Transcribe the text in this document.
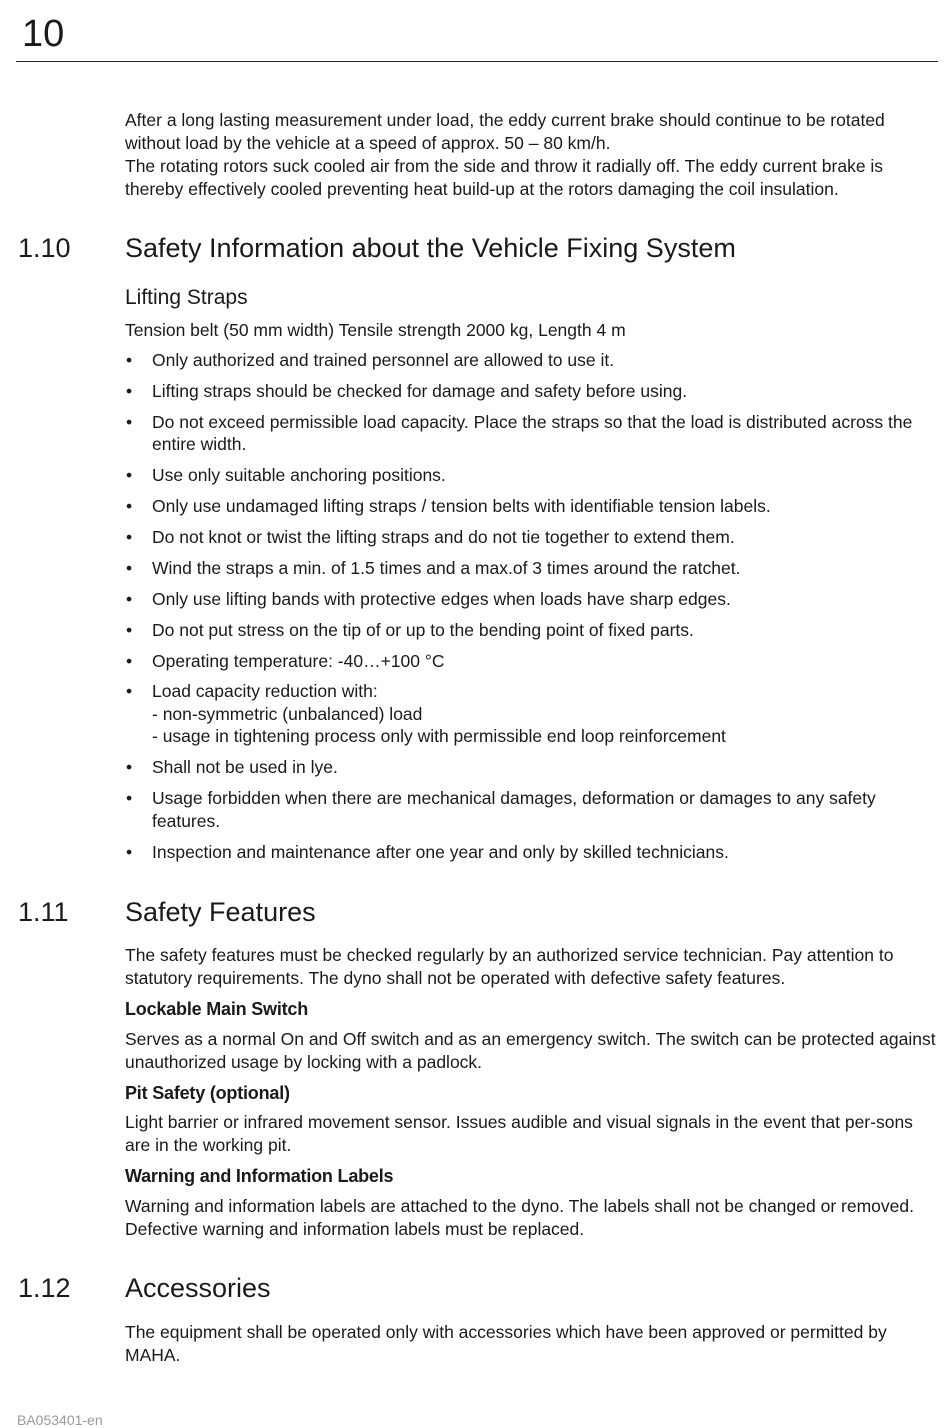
10

After a long lasting measurement under load, the eddy current brake should continue to be rotated without load by the vehicle at a speed of approx. 50 – 80 km/h.

The rotating rotors suck cooled air from the side and throw it radially off. The eddy current brake is thereby effectively cooled preventing heat build-up at the rotors damaging the coil insulation.

1.10 Safety Information about the Vehicle Fixing System
Lifting Straps

Tension belt (50 mm width) Tensile strength 2000 kg, Length 4 m

• Only authorized and trained personnel are allowed to use it.
• Lifting straps should be checked for damage and safety before using.
• Do not exceed permissible load capacity. Place the straps so that the load is distributed across the entire width.
• Use only suitable anchoring positions.
• Only use undamaged lifting straps / tension belts with identifiable tension labels.
• Do not knot or twist the lifting straps and do not tie together to extend them.
• Wind the straps a min. of 1.5 times and a max.of 3 times around the ratchet.
• Only use lifting bands with protective edges when loads have sharp edges.
• Do not put stress on the tip of or up to the bending point of fixed parts.
• Operating temperature: -40…+100 °C
• Load capacity reduction with:
- non-symmetric (unbalanced) load
- usage in tightening process only with permissible end loop reinforcement
• Shall not be used in lye.
• Usage forbidden when there are mechanical damages, deformation or damages to any safety features.
• Inspection and maintenance after one year and only by skilled technicians.
1.11 Safety Features

The safety features must be checked regularly by an authorized service technician. Pay attention to statutory requirements. The dyno shall not be operated with defective safety features.

Lockable Main Switch

Serves as a normal On and Off switch and as an emergency switch. The switch can be protected against unauthorized usage by locking with a padlock.

Pit Safety (optional)

Light barrier or infrared movement sensor. Issues audible and visual signals in the event that per-sons are in the working pit.

Warning and Information Labels

Warning and information labels are attached to the dyno. The labels shall not be changed or removed. Defective warning and information labels must be replaced.

1.12 Accessories

The equipment shall be operated only with accessories which have been approved or permitted by MAHA.

BA053401-en
